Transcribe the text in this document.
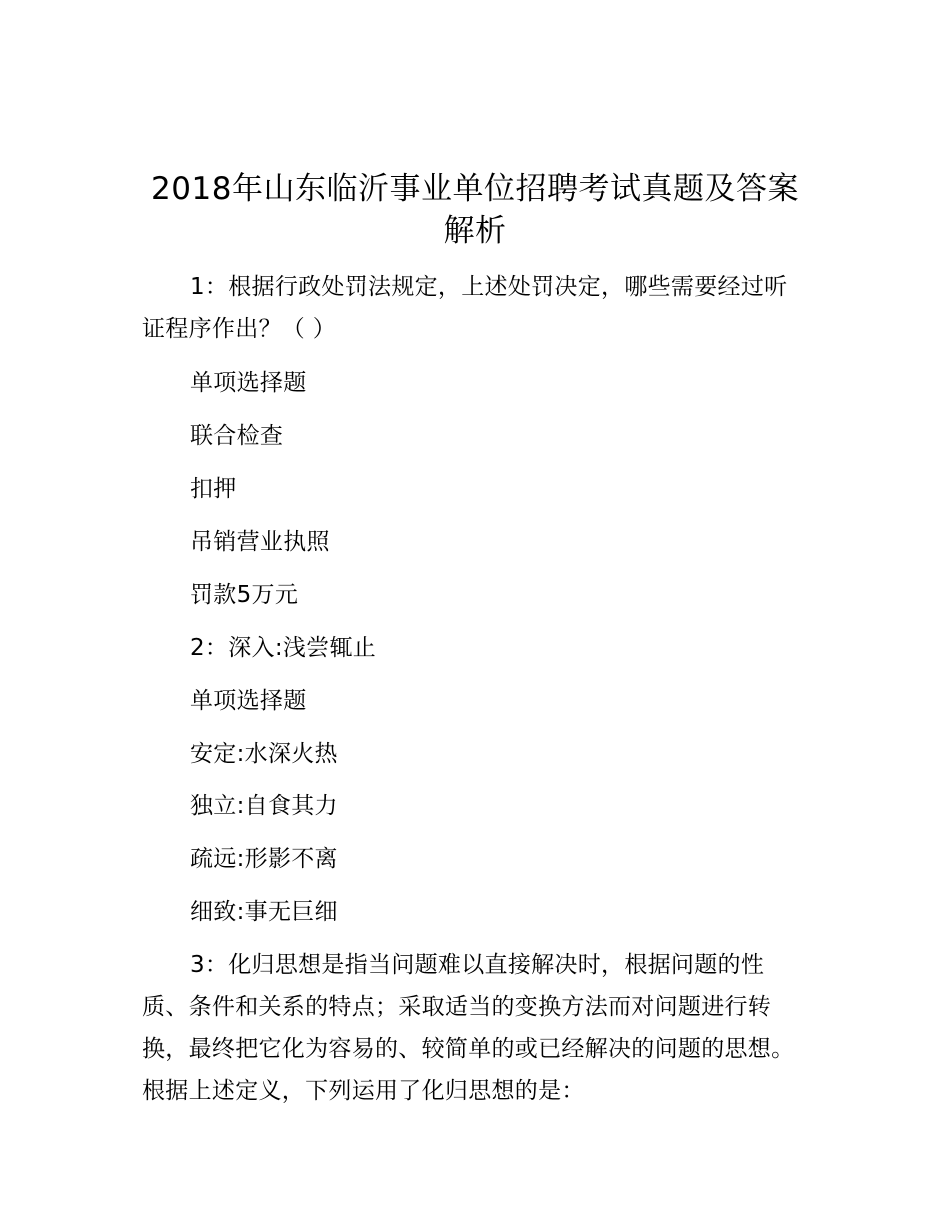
2018年山东临沂事业单位招聘考试真题及答案解析
1：根据行政处罚法规定，上述处罚决定，哪些需要经过听证程序作出？（ ）
单项选择题
联合检查
扣押
吊销营业执照
罚款5万元
2：深入:浅尝辄止
单项选择题
安定:水深火热
独立:自食其力
疏远:形影不离
细致:事无巨细
3：化归思想是指当问题难以直接解决时，根据问题的性质、条件和关系的特点；采取适当的变换方法而对问题进行转换，最终把它化为容易的、较简单的或已经解决的问题的思想。根据上述定义，下列运用了化归思想的是：
